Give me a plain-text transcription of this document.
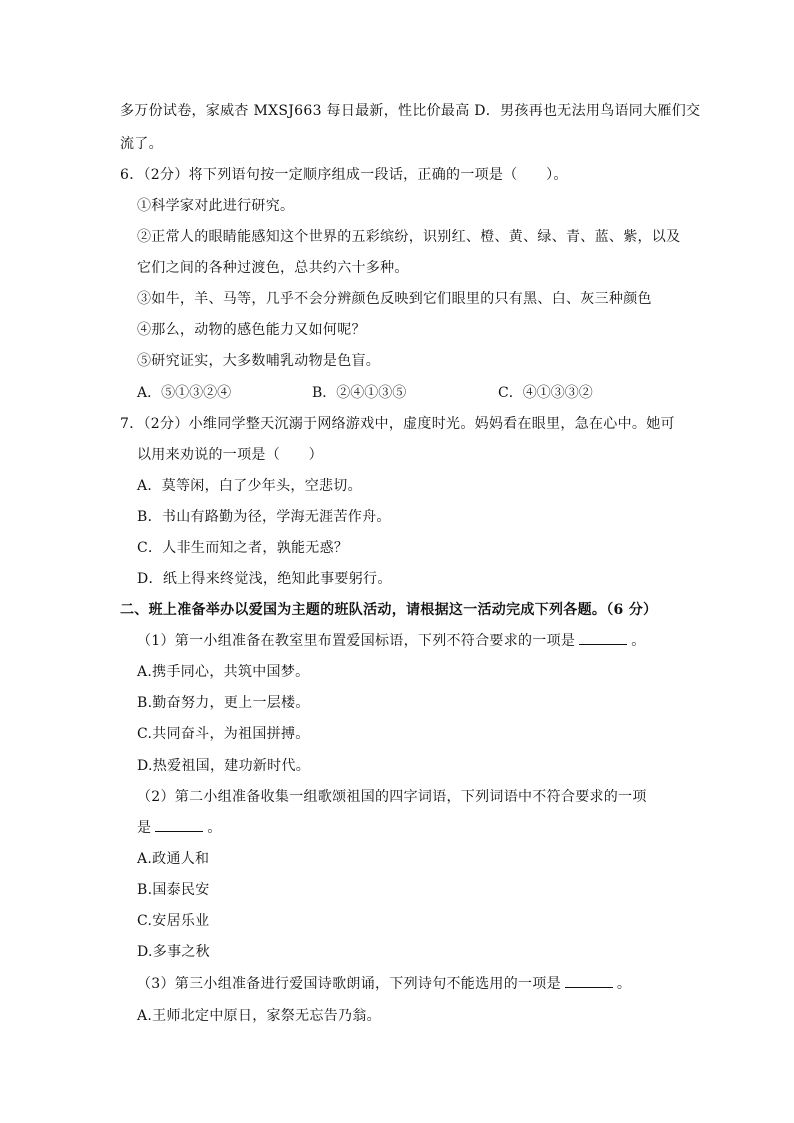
多万份试卷，家威杏 MXSJ663 每日最新，性比价最高 D．男孩再也无法用鸟语同大雁们交
流了。
6．（2分）将下列语句按一定顺序组成一段话，正确的一项是（　　）。
①科学家对此进行研究。
②正常人的眼睛能感知这个世界的五彩缤纷，识别红、橙、黄、绿、青、蓝、紫，以及
它们之间的各种过渡色，总共约六十多种。
③如牛，羊、马等，几乎不会分辨颜色反映到它们眼里的只有黑、白、灰三种颜色
④那么，动物的感色能力又如何呢？
⑤研究证实，大多数哺乳动物是色盲。
A．⑤①③②④	B．②④①③⑤	C．④①③③②
7．（2分）小维同学整天沉溺于网络游戏中，虚度时光。妈妈看在眼里，急在心中。她可
以用来劝说的一项是（　　）
A．莫等闲，白了少年头，空悲切。
B．书山有路勤为径，学海无涯苦作舟。
C．人非生而知之者，孰能无惑？
D．纸上得来终觉浅，绝知此事要躬行。
二、班上准备举办以爱国为主题的班队活动，请根据这一活动完成下列各题。（6 分）
（1）第一小组准备在教室里布置爱国标语，下列不符合要求的一项是	。
A.携手同心，共筑中国梦。
B.勤奋努力，更上一层楼。
C.共同奋斗，为祖国拼搏。
D.热爱祖国，建功新时代。
（2）第二小组准备收集一组歌颂祖国的四字词语，下列词语中不符合要求的一项
是	。
A.政通人和
B.国泰民安
C.安居乐业
D.多事之秋
（3）第三小组准备进行爱国诗歌朗诵，下列诗句不能选用的一项是	。
A.王师北定中原日，家祭无忘告乃翁。
